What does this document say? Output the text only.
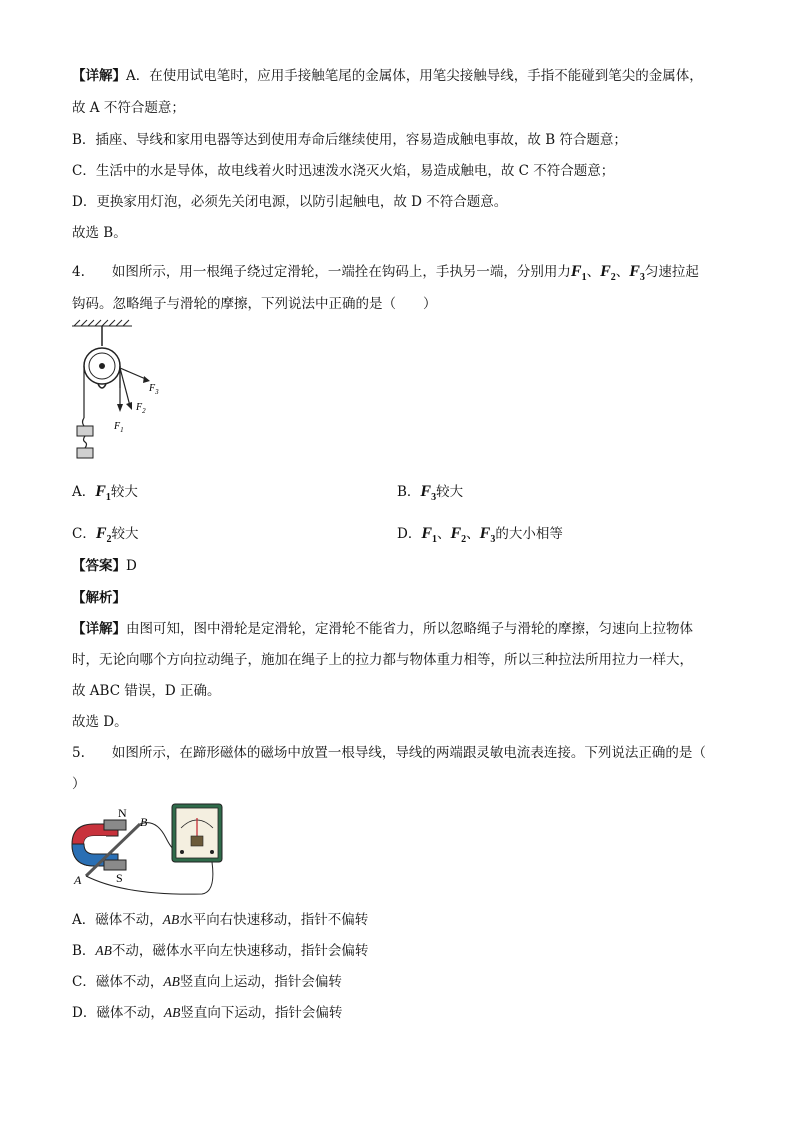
【详解】A．在使用试电笔时，应用手接触笔尾的金属体，用笔尖接触导线，手指不能碰到笔尖的金属体，
故 A 不符合题意；
B．插座、导线和家用电器等达到使用寿命后继续使用，容易造成触电事故，故 B 符合题意；
C．生活中的水是导体，故电线着火时迅速泼水浇灭火焰，易造成触电，故 C 不符合题意；
D．更换家用灯泡，必须先关闭电源，以防引起触电，故 D 不符合题意。
故选 B。
4.　　如图所示，用一根绳子绕过定滑轮，一端拴在钩码上，手执另一端，分别用力$F_1$、$F_2$、$F_3$匀速拉起
钩码。忽略绳子与滑轮的摩擦，下列说法中正确的是（　　）
$F_3$
$F_2$
$F_1$
A．$F_1$较大	B．$F_3$较大
C．$F_2$较大	D．$F_1$、$F_2$、$F_3$的大小相等
【答案】D
【解析】
【详解】由图可知，图中滑轮是定滑轮，定滑轮不能省力，所以忽略绳子与滑轮的摩擦，匀速向上拉物体
时，无论向哪个方向拉动绳子，施加在绳子上的拉力都与物体重力相等，所以三种拉法所用拉力一样大，
故 ABC 错误，D 正确。
故选 D。
5.　　如图所示，在蹄形磁体的磁场中放置一根导线，导线的两端跟灵敏电流表连接。下列说法正确的是（
）
N
S
A
B
A．磁体不动，AB水平向右快速移动，指针不偏转
B．AB不动，磁体水平向左快速移动，指针会偏转
C．磁体不动，AB竖直向上运动，指针会偏转
D．磁体不动，AB竖直向下运动，指针会偏转
